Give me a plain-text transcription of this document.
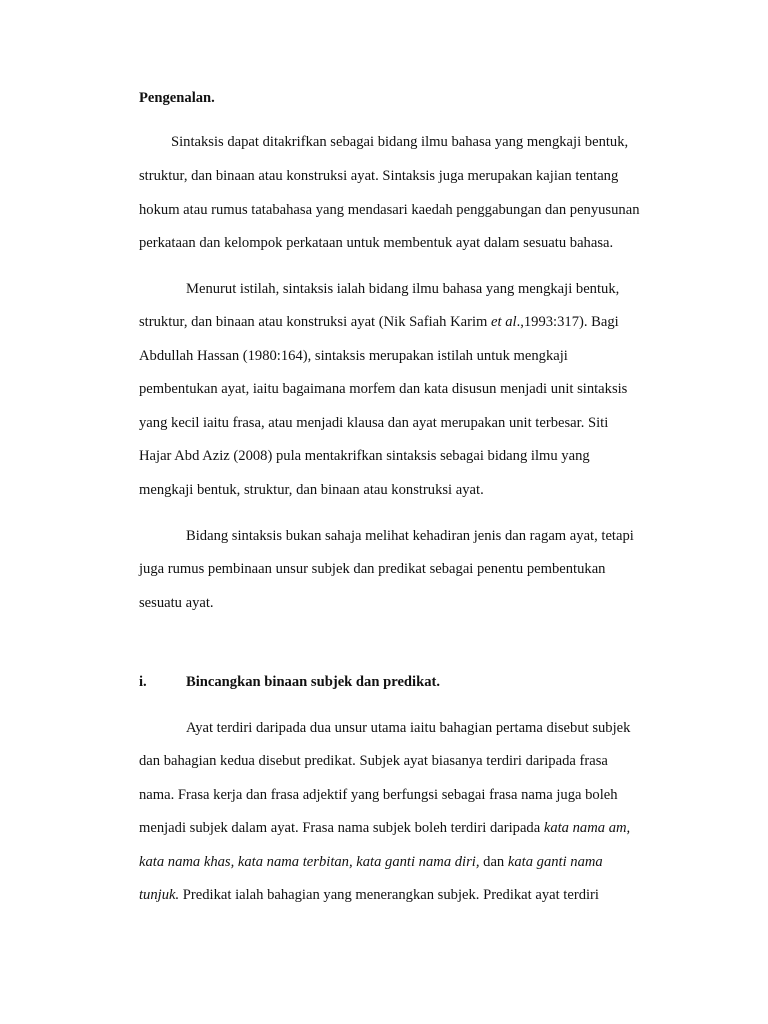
Pengenalan.
Sintaksis dapat ditakrifkan sebagai bidang ilmu bahasa yang mengkaji bentuk,
struktur, dan binaan atau konstruksi ayat. Sintaksis juga merupakan kajian tentang
hokum atau rumus tatabahasa yang mendasari kaedah penggabungan dan penyusunan
perkataan dan kelompok perkataan untuk membentuk ayat dalam sesuatu bahasa.
Menurut istilah, sintaksis ialah bidang ilmu bahasa yang mengkaji bentuk,
struktur, dan binaan atau konstruksi ayat (Nik Safiah Karim et al.,1993:317). Bagi
Abdullah Hassan (1980:164), sintaksis merupakan istilah untuk mengkaji
pembentukan ayat, iaitu bagaimana morfem dan kata disusun menjadi unit sintaksis
yang kecil iaitu frasa, atau menjadi klausa dan ayat merupakan unit terbesar. Siti
Hajar Abd Aziz (2008) pula mentakrifkan sintaksis sebagai bidang ilmu yang
mengkaji bentuk, struktur, dan binaan atau konstruksi ayat.
Bidang sintaksis bukan sahaja melihat kehadiran jenis dan ragam ayat, tetapi
juga rumus pembinaan unsur subjek dan predikat sebagai penentu pembentukan
sesuatu ayat.
i.	Bincangkan binaan subjek dan predikat.
Ayat terdiri daripada dua unsur utama iaitu bahagian pertama disebut subjek
dan bahagian kedua disebut predikat. Subjek ayat biasanya terdiri daripada frasa
nama. Frasa kerja dan frasa adjektif yang berfungsi sebagai frasa nama juga boleh
menjadi subjek dalam ayat. Frasa nama subjek boleh terdiri daripada kata nama am,
kata nama khas, kata nama terbitan, kata ganti nama diri, dan kata ganti nama
tunjuk. Predikat ialah bahagian yang menerangkan subjek. Predikat ayat terdiri
